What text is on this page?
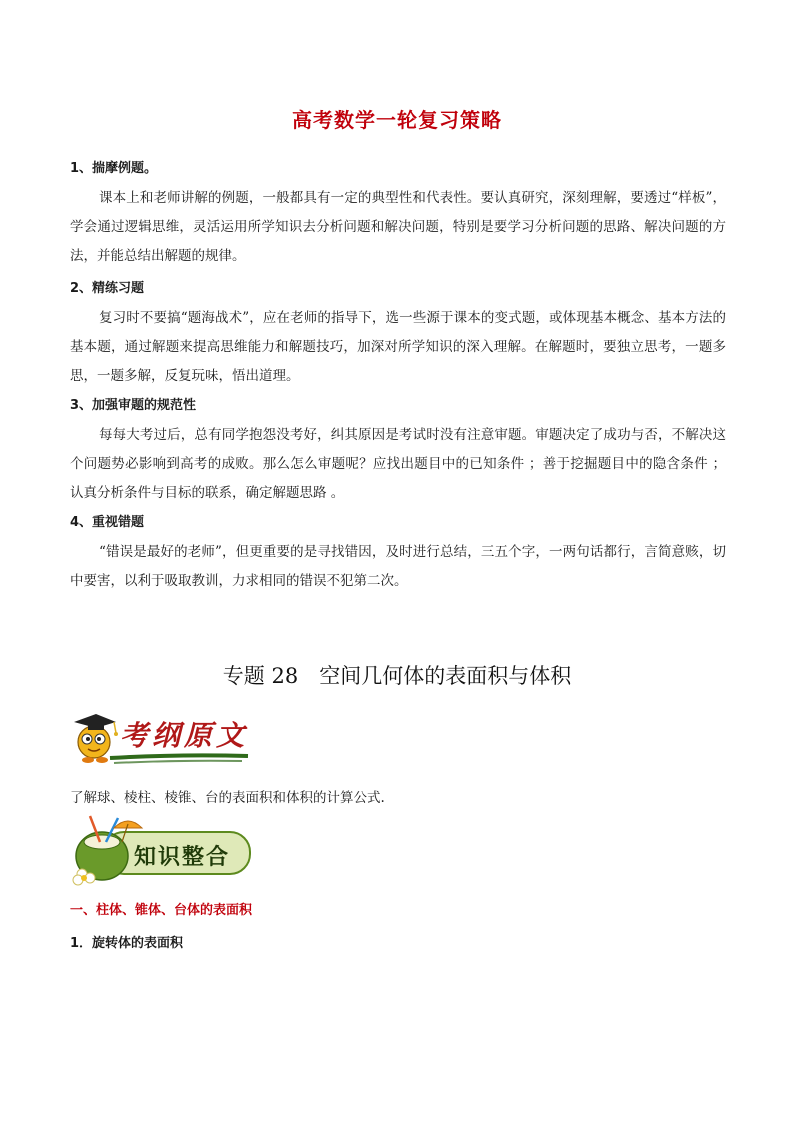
高考数学一轮复习策略

1、揣摩例题。

课本上和老师讲解的例题，一般都具有一定的典型性和代表性。要认真研究，深刻理解，要透过“样板”，学会通过逻辑思维，灵活运用所学知识去分析问题和解决问题，特别是要学习分析问题的思路、解决问题的方法，并能总结出解题的规律。

2、精练习题

复习时不要搞“题海战术”，应在老师的指导下，选一些源于课本的变式题，或体现基本概念、基本方法的基本题，通过解题来提高思维能力和解题技巧，加深对所学知识的深入理解。在解题时，要独立思考，一题多思，一题多解，反复玩味，悟出道理。

3、加强审题的规范性

每每大考过后，总有同学抱怨没考好，纠其原因是考试时没有注意审题。审题决定了成功与否，不解决这个问题势必影响到高考的成败。那么怎么审题呢？应找出题目中的已知条件 ；善于挖掘题目中的隐含条件 ；认真分析条件与目标的联系，确定解题思路 。

4、重视错题

“错误是最好的老师”，但更重要的是寻找错因，及时进行总结，三五个字，一两句话都行，言简意赅，切中要害，以利于吸取教训，力求相同的错误不犯第二次。

专题 28　空间几何体的表面积与体积
考纲原文
了解球、棱柱、棱锥、台的表面积和体积的计算公式.
知识整合
一、柱体、锥体、台体的表面积
1．旋转体的表面积
